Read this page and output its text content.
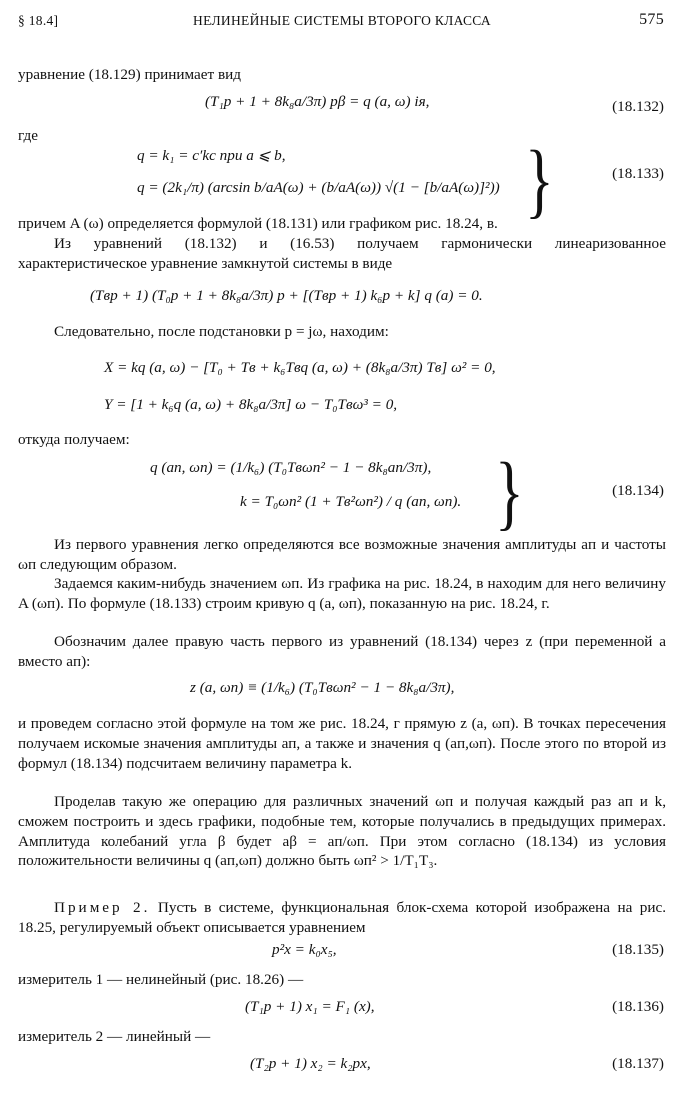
§ 18.4]	НЕЛИНЕЙНЫЕ СИСТЕМЫ ВТОРОГО КЛАССА	575
уравнение (18.129) принимает вид
(T₁p + 1 + 8k₈a/3π) pβ = q (a, ω) iя,	(18.132)
где
q = k₁ = c′kс при a ⩽ b,
q = (2k₁/π) (arcsin b/aA(ω) + (b/aA(ω)) √(1 − [b/aA(ω)]²)) }	(18.133)
причем A (ω) определяется формулой (18.131) или графиком рис. 18.24, в.
Из уравнений (18.132) и (16.53) получаем гармонически линеаризованное характеристическое уравнение замкнутой системы в виде
(Tвp + 1) (T₀p + 1 + 8k₈a/3π) p + [(Tвp + 1) k₆p + k] q (a) = 0.
Следовательно, после подстановки p = jω, находим:
X = kq (a, ω) − [T₀ + Tв + k₆Tвq (a, ω) + (8k₈a/3π) Tв] ω² = 0,
Y = [1 + k₆q (a, ω) + 8k₈a/3π] ω − T₀Tвω³ = 0,
откуда получаем:
q (aп, ωп) = (1/k₆) (T₀Tвωп² − 1 − 8k₈aп/3π),
k = T₀ωп² (1 + Tв²ωп²) / q (aп, ωп). }	(18.134)
Из первого уравнения легко определяются все возможные значения амплитуды aп и частоты ωп следующим образом.
Задаемся каким-нибудь значением ωп. Из графика на рис. 18.24, в находим для него величину A (ωп). По формуле (18.133) строим кривую q (a, ωп), показанную на рис. 18.24, г.
Обозначим далее правую часть первого из уравнений (18.134) через z (при переменной a вместо aп):
z (a, ωп) ≡ (1/k₆) (T₀Tвωп² − 1 − 8k₈a/3π),
и проведем согласно этой формуле на том же рис. 18.24, г прямую z (a, ωп). В точках пересечения получаем искомые значения амплитуды aп, а также и значения q (aп,ωп). После этого по второй из формул (18.134) подсчитаем величину параметра k.
Проделав такую же операцию для различных значений ωп и получая каждый раз aп и k, сможем построить и здесь графики, подобные тем, которые получались в предыдущих примерах. Амплитуда колебаний угла β будет aβ = aп/ωп. При этом согласно (18.134) из условия положительности величины q (aп,ωп) должно быть ωп² > 1/T₁T₃.
Пример 2. Пусть в системе, функциональная блок-схема которой изображена на рис. 18.25, регулируемый объект описывается уравнением
p²x = k₀x₅,	(18.135)
измеритель 1 — нелинейный (рис. 18.26) —
(T₁p + 1) x₁ = F₁ (x),	(18.136)
измеритель 2 — линейный —
(T₂p + 1) x₂ = k₂px,	(18.137)
